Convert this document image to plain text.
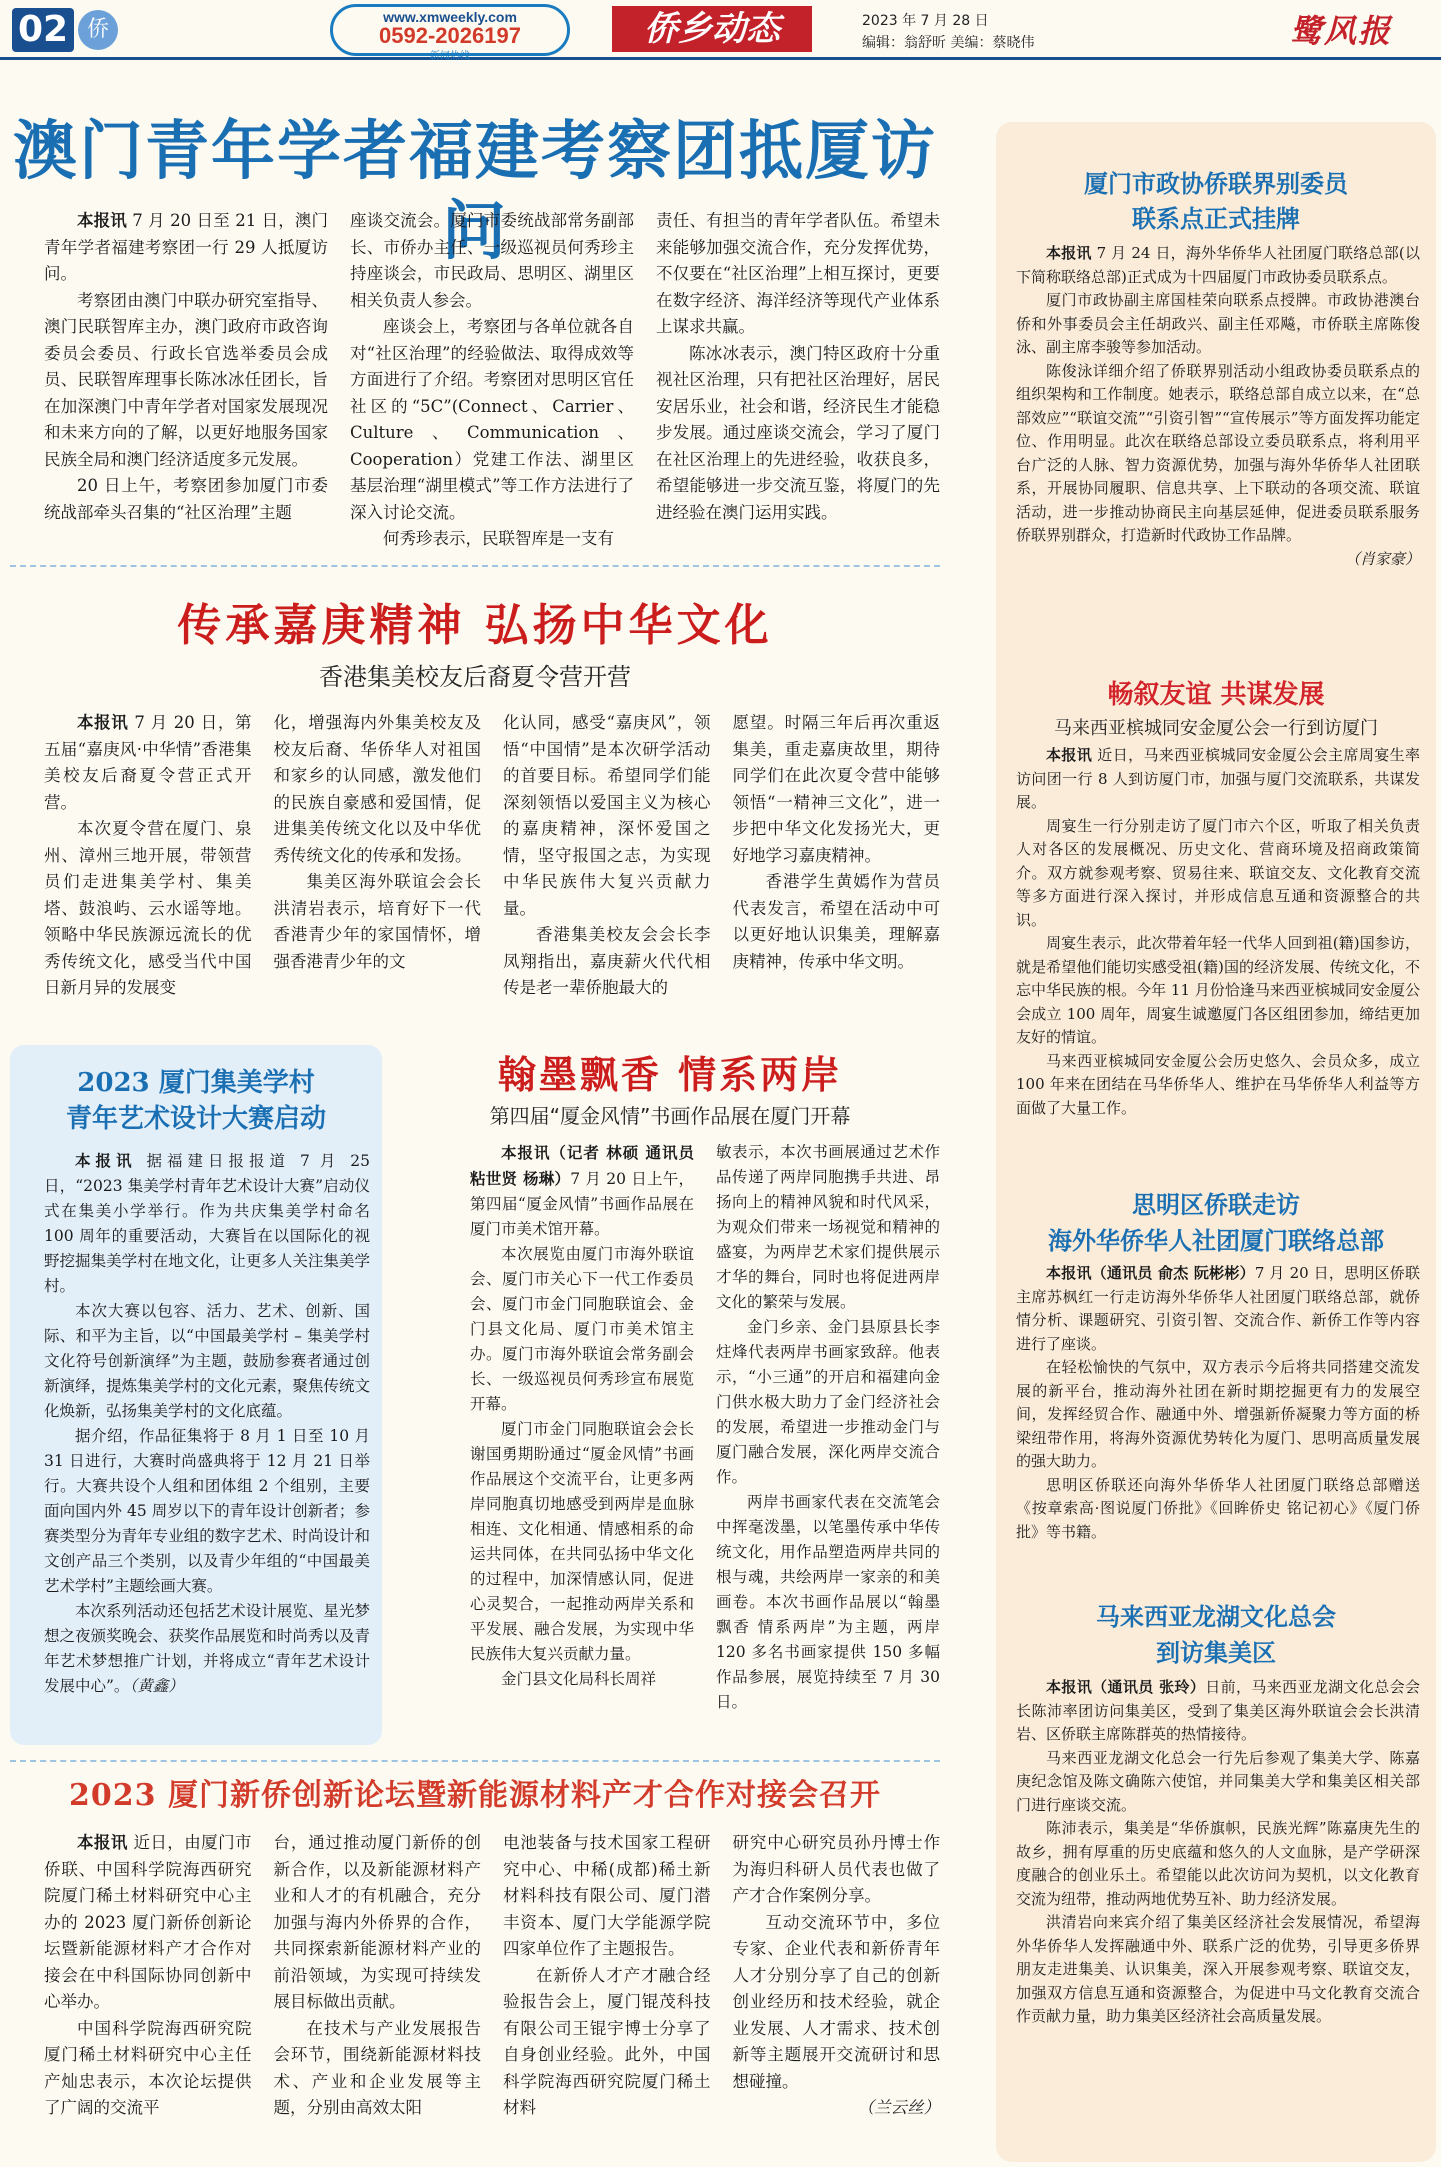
02 侨	www.xmweekly.com
0592-2026197
新闻热线
侨乡动态	2023 年 7 月 28 日
编辑：翁舒昕 美编：蔡晓伟	鹭风报
澳门青年学者福建考察团抵厦访问

本报讯 7 月 20 日至 21 日，澳门青年学者福建考察团一行 29 人抵厦访问。

考察团由澳门中联办研究室指导、澳门民联智库主办，澳门政府市政咨询委员会委员、行政长官选举委员会成员、民联智库理事长陈冰冰任团长，旨在加深澳门中青年学者对国家发展现况和未来方向的了解，以更好地服务国家民族全局和澳门经济适度多元发展。

20 日上午，考察团参加厦门市委统战部牵头召集的“社区治理”主题

座谈交流会。厦门市委统战部常务副部长、市侨办主任、一级巡视员何秀珍主持座谈会，市民政局、思明区、湖里区相关负责人参会。

座谈会上，考察团与各单位就各自对“社区治理”的经验做法、取得成效等方面进行了介绍。考察团对思明区官任社区的“5C”(Connect、Carrier、Culture、Communication、Cooperation）党建工作法、湖里区基层治理“湖里模式”等工作方法进行了深入讨论交流。

何秀珍表示，民联智库是一支有

责任、有担当的青年学者队伍。希望未来能够加强交流合作，充分发挥优势，不仅要在“社区治理”上相互探讨，更要在数字经济、海洋经济等现代产业体系上谋求共赢。

陈冰冰表示，澳门特区政府十分重视社区治理，只有把社区治理好，居民安居乐业，社会和谐，经济民生才能稳步发展。通过座谈交流会，学习了厦门在社区治理上的先进经验，收获良多，希望能够进一步交流互鉴，将厦门的先进经验在澳门运用实践。

传承嘉庚精神 弘扬中华文化
香港集美校友后裔夏令营开营

本报讯 7 月 20 日，第五届“嘉庚风·中华情”香港集美校友后裔夏令营正式开营。

本次夏令营在厦门、泉州、漳州三地开展，带领营员们走进集美学村、集美塔、鼓浪屿、云水谣等地。领略中华民族源远流长的优秀传统文化，感受当代中国日新月异的发展变

化，增强海内外集美校友及校友后裔、华侨华人对祖国和家乡的认同感，激发他们的民族自豪感和爱国情，促进集美传统文化以及中华优秀传统文化的传承和发扬。

集美区海外联谊会会长洪清岩表示，培育好下一代香港青少年的家国情怀，增强香港青少年的文

化认同，感受“嘉庚风”，领悟“中国情”是本次研学活动的首要目标。希望同学们能深刻领悟以爱国主义为核心的嘉庚精神，深怀爱国之情，坚守报国之志，为实现中华民族伟大复兴贡献力量。

香港集美校友会会长李凤翔指出，嘉庚薪火代代相传是老一辈侨胞最大的

愿望。时隔三年后再次重返集美，重走嘉庚故里，期待同学们在此次夏令营中能够领悟“一精神三文化”，进一步把中华文化发扬光大，更好地学习嘉庚精神。

香港学生黄嫣作为营员代表发言，希望在活动中可以更好地认识集美，理解嘉庚精神，传承中华文明。

2023 厦门集美学村
青年艺术设计大赛启动

本报讯 据福建日报报道 7 月 25 日，“2023 集美学村青年艺术设计大赛”启动仪式在集美小学举行。作为共庆集美学村命名 100 周年的重要活动，大赛旨在以国际化的视野挖掘集美学村在地文化，让更多人关注集美学村。

本次大赛以包容、活力、艺术、创新、国际、和平为主旨，以“中国最美学村 – 集美学村文化符号创新演绎”为主题，鼓励参赛者通过创新演绎，提炼集美学村的文化元素，聚焦传统文化焕新，弘扬集美学村的文化底蕴。

据介绍，作品征集将于 8 月 1 日至 10 月 31 日进行，大赛时尚盛典将于 12 月 21 日举行。大赛共设个人组和团体组 2 个组别，主要面向国内外 45 周岁以下的青年设计创新者；参赛类型分为青年专业组的数字艺术、时尚设计和文创产品三个类别，以及青少年组的“中国最美艺术学村”主题绘画大赛。

本次系列活动还包括艺术设计展览、星光梦想之夜颁奖晚会、获奖作品展览和时尚秀以及青年艺术梦想推广计划，并将成立“青年艺术设计发展中心”。（黄鑫）

翰墨飘香 情系两岸
第四届“厦金风情”书画作品展在厦门开幕

本报讯（记者 林硕 通讯员 粘世贤 杨琳）7 月 20 日上午，第四届“厦金风情”书画作品展在厦门市美术馆开幕。

本次展览由厦门市海外联谊会、厦门市关心下一代工作委员会、厦门市金门同胞联谊会、金门县文化局、厦门市美术馆主办。厦门市海外联谊会常务副会长、一级巡视员何秀珍宣布展览开幕。

厦门市金门同胞联谊会会长谢国勇期盼通过“厦金风情”书画作品展这个交流平台，让更多两岸同胞真切地感受到两岸是血脉相连、文化相通、情感相系的命运共同体，在共同弘扬中华文化的过程中，加深情感认同，促进心灵契合，一起推动两岸关系和平发展、融合发展，为实现中华民族伟大复兴贡献力量。

金门县文化局科长周祥

敏表示，本次书画展通过艺术作品传递了两岸同胞携手共进、昂扬向上的精神风貌和时代风采，为观众们带来一场视觉和精神的盛宴，为两岸艺术家们提供展示才华的舞台，同时也将促进两岸文化的繁荣与发展。

金门乡亲、金门县原县长李炷烽代表两岸书画家致辞。他表示，“小三通”的开启和福建向金门供水极大助力了金门经济社会的发展，希望进一步推动金门与厦门融合发展，深化两岸交流合作。

两岸书画家代表在交流笔会中挥毫泼墨，以笔墨传承中华传统文化，用作品塑造两岸共同的根与魂，共绘两岸一家亲的和美画卷。本次书画作品展以“翰墨飘香 情系两岸”为主题，两岸 120 多名书画家提供 150 多幅作品参展，展览持续至 7 月 30 日。

2023 厦门新侨创新论坛暨新能源材料产才合作对接会召开

本报讯 近日，由厦门市侨联、中国科学院海西研究院厦门稀土材料研究中心主办的 2023 厦门新侨创新论坛暨新能源材料产才合作对接会在中科国际协同创新中心举办。

中国科学院海西研究院厦门稀土材料研究中心主任产灿忠表示，本次论坛提供了广阔的交流平

台，通过推动厦门新侨的创新合作，以及新能源材料产业和人才的有机融合，充分加强与海内外侨界的合作，共同探索新能源材料产业的前沿领域，为实现可持续发展目标做出贡献。

在技术与产业发展报告会环节，围绕新能源材料技术、产业和企业发展等主题，分别由高效太阳

电池装备与技术国家工程研究中心、中稀(成都)稀土新材料科技有限公司、厦门潜丰资本、厦门大学能源学院四家单位作了主题报告。

在新侨人才产才融合经验报告会上，厦门锟茂科技有限公司王锟宇博士分享了自身创业经验。此外，中国科学院海西研究院厦门稀土材料

研究中心研究员孙丹博士作为海归科研人员代表也做了产才合作案例分享。

互动交流环节中，多位专家、企业代表和新侨青年人才分别分享了自己的创新创业经历和技术经验，就企业发展、人才需求、技术创新等主题展开交流研讨和思想碰撞。

（兰云丝）
厦门市政协侨联界别委员
联系点正式挂牌

本报讯 7 月 24 日，海外华侨华人社团厦门联络总部(以下简称联络总部)正式成为十四届厦门市政协委员联系点。

厦门市政协副主席国桂荣向联系点授牌。市政协港澳台侨和外事委员会主任胡政兴、副主任邓飚，市侨联主席陈俊泳、副主席李骏等参加活动。

陈俊泳详细介绍了侨联界别活动小组政协委员联系点的组织架构和工作制度。她表示，联络总部自成立以来，在“总部效应”“联谊交流”“引资引智”“宣传展示”等方面发挥功能定位、作用明显。此次在联络总部设立委员联系点，将利用平台广泛的人脉、智力资源优势，加强与海外华侨华人社团联系，开展协同履职、信息共享、上下联动的各项交流、联谊活动，进一步推动协商民主向基层延伸，促进委员联系服务侨联界别群众，打造新时代政协工作品牌。

（肖家豪）
畅叙友谊 共谋发展
马来西亚槟城同安金厦公会一行到访厦门

本报讯 近日，马来西亚槟城同安金厦公会主席周宴生率访问团一行 8 人到访厦门市，加强与厦门交流联系，共谋发展。

周宴生一行分别走访了厦门市六个区，听取了相关负责人对各区的发展概况、历史文化、营商环境及招商政策简介。双方就参观考察、贸易往来、联谊交友、文化教育交流等多方面进行深入探讨，并形成信息互通和资源整合的共识。

周宴生表示，此次带着年轻一代华人回到祖(籍)国参访，就是希望他们能切实感受祖(籍)国的经济发展、传统文化，不忘中华民族的根。今年 11 月份恰逢马来西亚槟城同安金厦公会成立 100 周年，周宴生诚邀厦门各区组团参加，缔结更加友好的情谊。

马来西亚槟城同安金厦公会历史悠久、会员众多，成立 100 年来在团结在马华侨华人、维护在马华侨华人利益等方面做了大量工作。

思明区侨联走访
海外华侨华人社团厦门联络总部

本报讯（通讯员 俞杰 阮彬彬）7 月 20 日，思明区侨联主席苏枫红一行走访海外华侨华人社团厦门联络总部，就侨情分析、课题研究、引资引智、交流合作、新侨工作等内容进行了座谈。

在轻松愉快的气氛中，双方表示今后将共同搭建交流发展的新平台，推动海外社团在新时期挖掘更有力的发展空间，发挥经贸合作、融通中外、增强新侨凝聚力等方面的桥梁纽带作用，将海外资源优势转化为厦门、思明高质量发展的强大助力。

思明区侨联还向海外华侨华人社团厦门联络总部赠送《按章索高·图说厦门侨批》《回眸侨史 铭记初心》《厦门侨批》等书籍。

马来西亚龙湖文化总会
到访集美区

本报讯（通讯员 张玲）日前，马来西亚龙湖文化总会会长陈沛率团访问集美区，受到了集美区海外联谊会会长洪清岩、区侨联主席陈群英的热情接待。

马来西亚龙湖文化总会一行先后参观了集美大学、陈嘉庚纪念馆及陈文确陈六使馆，并同集美大学和集美区相关部门进行座谈交流。

陈沛表示，集美是“华侨旗帜，民族光辉”陈嘉庚先生的故乡，拥有厚重的历史底蕴和悠久的人文血脉，是产学研深度融合的创业乐土。希望能以此次访问为契机，以文化教育交流为纽带，推动两地优势互补、助力经济发展。

洪清岩向来宾介绍了集美区经济社会发展情况，希望海外华侨华人发挥融通中外、联系广泛的优势，引导更多侨界朋友走进集美、认识集美，深入开展参观考察、联谊交友，加强双方信息互通和资源整合，为促进中马文化教育交流合作贡献力量，助力集美区经济社会高质量发展。
